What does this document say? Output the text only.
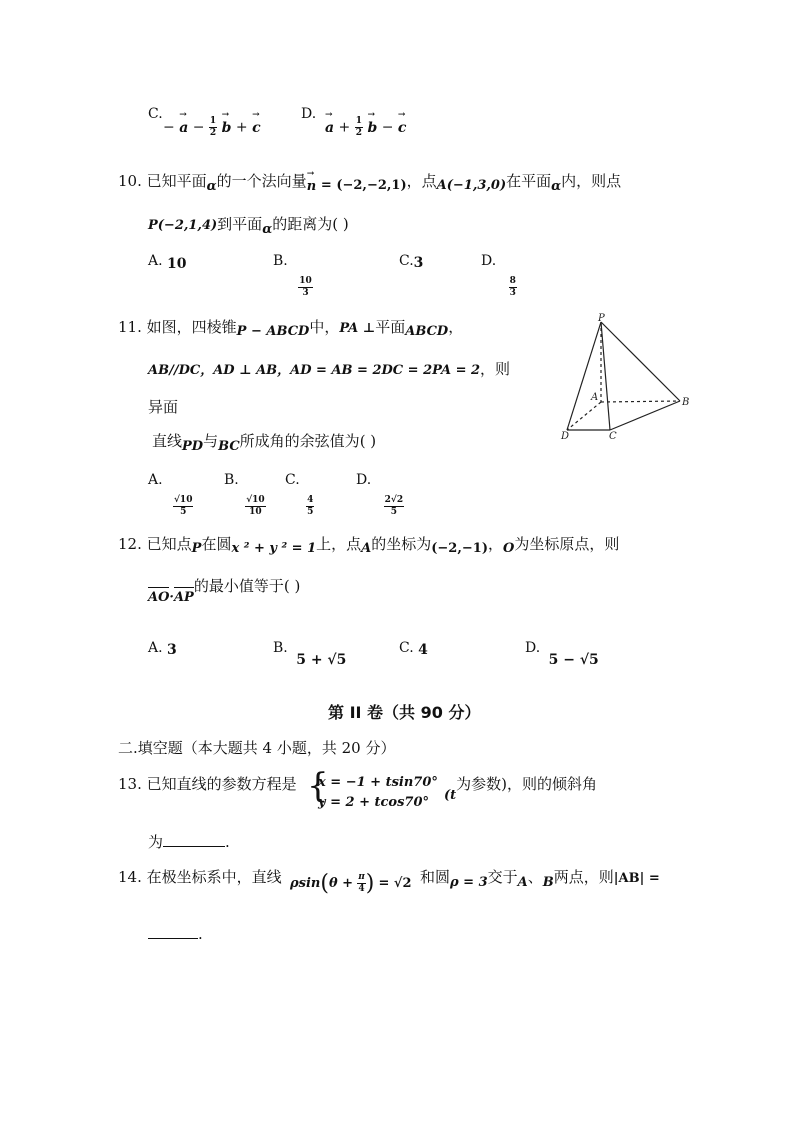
C.
− → $a - \frac{1}{2}$
→ b + → c
D.
→ $a + \frac{1}{2}$
→ b − → c
10. 已知平面α的一个法向量→ n = (−2,−2,1)，点A(−1,3,0)在平面α内，则点
P(−2,1,4)到平面α的距离为( )
A. 10	B.
$\frac{10}{3}$
C.3	D.
$\frac{8}{3}$
11. 如图，四棱锥P − ABCD中，PA ⊥平面ABCD，
AB//DC，AD ⊥ AB，AD = AB = 2DC = 2PA = 2，则
异面
直线PD与BC所成角的余弦值为( )
A.
$\frac{√10}{5}$
B.
$\frac{√10}{10}$
C.
$\frac{4}{5}$
D.
$\frac{2√2}{5}$
P
A	B
C
D
12. 已知点P在圆x ² + y ² = 1上，点A的坐标为(−2,−1)，O为坐标原点，则
AO·AP的最小值等于( )
A. 3	B. 5 + √5
C. 4	D. 5 − √5
第 II 卷（共 90 分）
二.填空题（本大题共 4 小题，共 20 分）
13. 已知直线的参数方程是 {
x = −1 + tsin70°
y = 2 + tcos70° (t为参数)，则的倾斜角
为	.
14. 在极坐标系中，直线 $\rho\sin(\theta + \frac{\pi}{4}$ ) = √2 和圆ρ = 3交于A、B两点，则|AB| =
.
